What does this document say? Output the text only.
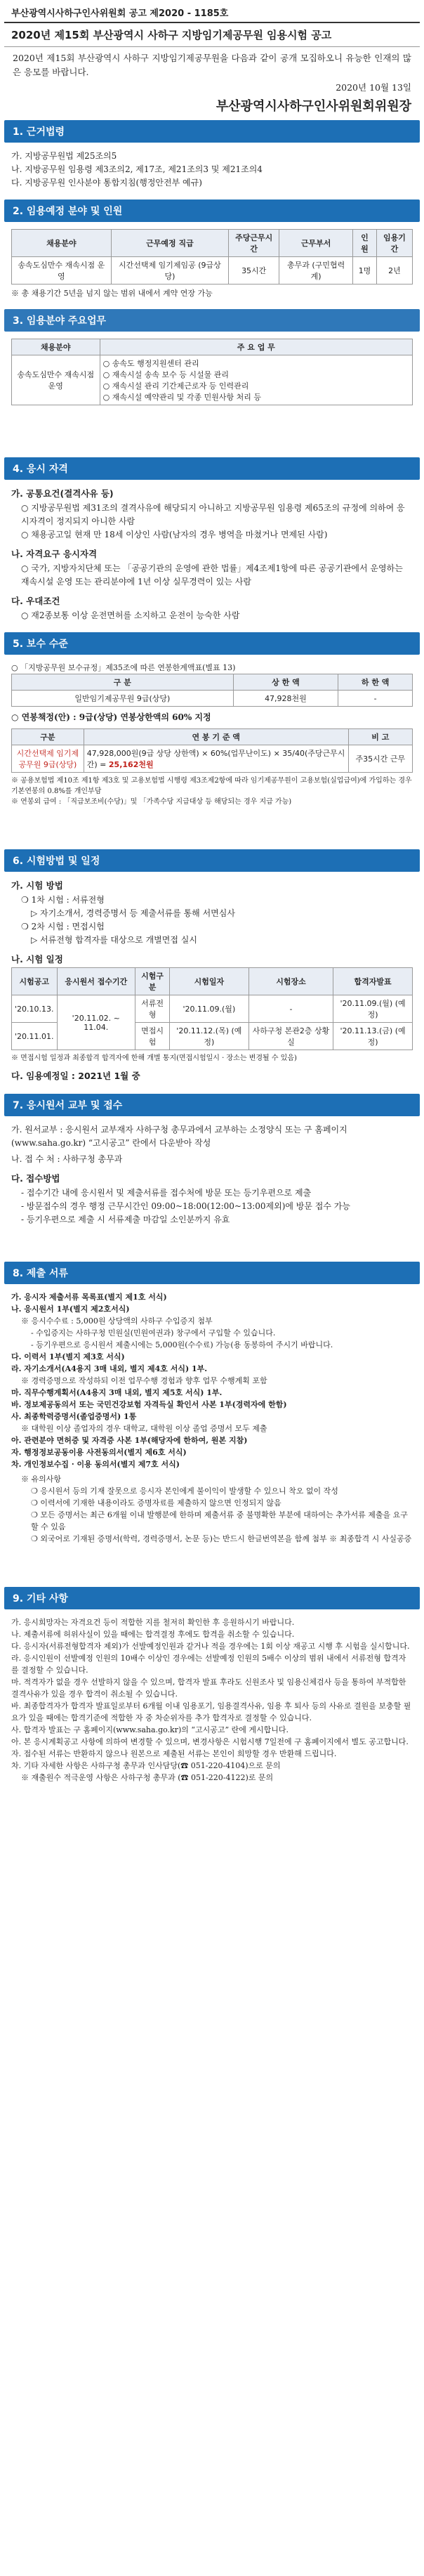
부산광역시사하구인사위원회 공고 제2020 - 1185호
2020년 제15회 부산광역시 사하구 지방임기제공무원 임용시험 공고
2020년 제15회 부산광역시 사하구 지방임기제공무원을 다음과 같이 공개 모집하오니 유능한 인재의 많은 응모를 바랍니다.
2020년 10월 13일
부산광역시사하구인사위원회위원장
1. 근거법령

가. 지방공무원법 제25조의5

나. 지방공무원 임용령 제3조의2, 제17조, 제21조의3 및 제21조의4

다. 지방공무원 인사분야 통합지침(행정안전부 예규)

2. 임용예정 분야 및 인원
채용분야	근무예정 직급	주당근무시간	근무부서	인 원	임용기간
송속도심만수 재속시점 운영	시간선택제 임기제임공 (9급상당)	35시간	총무과 (구민협력계)	1명	2년
※ 총 채용기간 5년을 넘지 않는 범위 내에서 계약 연장 가능
3. 임용분야 주요업무
채용분야	주 요 업 무
송속도심만수 재속시점 운영	○ 송속도 행정지원센터 관리
○ 재속시설 송속 보수 등 시설물 관리
○ 재속시설 관리 기간제근로자 등 인력관리
○ 재속시설 예약관리 및 각종 민원사항 처리 등
4. 응시 자격
가. 공통요건(결격사유 등)

○ 지방공무원법 제31조의 결격사유에 해당되지 아니하고 지방공무원 임용령 제65조의 규정에 의하여 응시자격이 정지되지 아니한 사람

○ 채용공고일 현재 만 18세 이상인 사람(남자의 경우 병역을 마쳤거나 면제된 사람)

나. 자격요구 응시자격

○ 국가, 지방자치단체 또는 「공공기관의 운영에 관한 법률」제4조제1항에 따른 공공기관에서 운영하는 재속시설 운영 또는 관리분야에 1년 이상 실무경력이 있는 사람

다. 우대조건

○ 재2종보통 이상 운전면허를 소지하고 운전이 능숙한 사람

5. 보수 수준
○ 「지방공무원 보수규정」제35조에 따른 연봉한계액표(별표 13)
구 분	상 한 액	하 한 액
일반임기제공무원 9급(상당)	47,928천원	-
○ 연봉책정(안) : 9급(상당) 연봉상한액의 60% 지정
구분	연 봉 기 준 액	비 고
시간선택제 임기제공무원 9급(상당)	47,928,000원(9급 상당 상한액) × 60%(업무난이도) × 35/40(주당근무시간) = 25,162천원	주35시간 근무

※ 공용보험법 제10조 제1항 제3호 및 고용보험법 시행령 제3조제2항에 따라 임기제공무원이 고용보험(실업급여)에 가입하는 경우 기본연봉의 0.8%를 개인부담

※ 연봉외 급여 : 「직급보조비(수당)」및 「가족수당 지급대상 등 해당되는 경우 지급 가능)

6. 시험방법 및 일정
가. 시험 방법

❍ 1차 시험 : 서류전형

▷ 자기소개서, 경력증명서 등 제출서류를 통해 서면심사

❍ 2차 시험 : 면접시험

▷ 서류전형 합격자를 대상으로 개별면접 실시

나. 시험 일정
시험공고	응시원서 접수기간	시험구분	시험일자	시험장소	합격자발표
'20.10.13.	'20.11.02. ~ 11.04.	서류전형	'20.11.09.(월)	-	'20.11.09.(월) (예정)
'20.11.01.		면접시험	'20.11.12.(목) (예정)	사하구청 본관2층 상황실	'20.11.13.(금) (예정)
※ 면접시험 일정과 최종합격 합격자에 한해 개별 통지(면접시험일시 · 장소는 변경될 수 있음)
다. 임용예정일 : 2021년 1월 중
7. 응시원서 교부 및 접수

가. 원서교부 : 응시원서 교부재자 사하구청 총무과에서 교부하는 소정양식 또는 구 홈페이지 (www.saha.go.kr) “고시공고” 란에서 다운받아 작성

나. 접 수 처 : 사하구청 총무과

다. 접수방법

- 접수기간 내에 응시원서 및 제출서류를 접수처에 방문 또는 등기우편으로 제출

- 방문접수의 경우 행정 근무시간인 09:00~18:00(12:00~13:00제외)에 방문 접수 가능

- 등기우편으로 제출 시 서류제출 마감일 소인분까지 유효

8. 제출 서류

가. 응시자 제출서류 목록표(별지 제1호 서식)

나. 응시원서 1부(별지 제2호서식)

※ 응시수수료 : 5,000원 상당액의 사하구 수입증지 첨부

- 수입증지는 사하구청 민원실(민원여권과) 창구에서 구입할 수 있습니다.

- 등기우편으로 응시원서 제출시에는 5,000원(수수료) 가능(용 동봉하여 주시기 바랍니다.

다. 이력서 1부(별지 제3호 서식)

라. 자기소개서(A4용지 3매 내외, 별지 제4호 서식) 1부.

※ 경력증명으로 작성하되 이전 업무수행 경험과 향후 업무 수행계획 포함

마. 직무수행계획서(A4용지 3매 내외, 별지 제5호 서식) 1부.

바. 정보제공동의서 또는 국민건강보험 자격득실 확인서 사본 1부(경력자에 한함)

사. 최종학력증명서(졸업증명서) 1통

※ 대학원 이상 졸업자의 경우 대학교, 대학원 이상 졸업 증명서 모두 제출

아. 관련분야 면허증 및 자격증 사본 1부(해당자에 한하여, 원본 지참)

자. 행정정보공동이용 사전동의서(별지 제6호 서식)

차. 개인정보수집 · 이용 동의서(별지 제7호 서식)

※ 유의사항

❍ 응시원서 등의 기재 잘못으로 응시자 본인에게 불이익이 발생할 수 있으니 착오 없이 작성

❍ 이력서에 기재한 내용이라도 증명자료를 제출하지 않으면 인정되지 않음

❍ 모든 증명서는 최근 6개월 이내 발행분에 한하며 제출서류 중 불명확한 부분에 대하여는 추가서류 제출을 요구할 수 있음

❍ 외국어로 기재된 증명서(학력, 경력증명서, 논문 등)는 반드시 한글번역본을 함께 첨부 ※ 최종합격 시 사실공증

9. 기타 사항

가. 응시희망자는 자격요건 등이 적합한 지를 철저히 확인한 후 응원하시기 바랍니다.

나. 제출서류에 허위사실이 있을 때에는 합격결정 후에도 합격을 취소할 수 있습니다.

다. 응시자(서류전형합격자 제외)가 선발예정인원과 같거나 적을 경우에는 1회 이상 재공고 시행 후 시험을 실시합니다.

라. 응시인원이 선발예정 인원의 10배수 이상인 경우에는 선발예정 인원의 5배수 이상의 범위 내에서 서류전형 합격자를 결정할 수 있습니다.

마. 적격자가 없을 경우 선발하지 않을 수 있으며, 합격자 발표 후라도 신원조사 및 임용신체검사 등을 통하여 부적합한 결격사유가 있을 경우 합격이 취소될 수 있습니다.

바. 최종합격자가 합격자 발표일로부터 6개월 이내 임용포기, 임용결격사유, 임용 후 퇴사 등의 사유로 결원을 보충할 필요가 있을 때에는 합격기준에 적합한 자 중 차순위자를 추가 합격자로 결정할 수 있습니다.

사. 합격자 발표는 구 홈페이지(www.saha.go.kr)의 “고시공고” 란에 게시합니다.

아. 본 응시계획공고 사항에 의하여 변경할 수 있으며, 변경사항은 시험시행 7일전에 구 홈페이지에서 별도 공고합니다.

자. 접수된 서류는 반환하지 않으나 원본으로 제출된 서류는 본인이 희망할 경우 반환해 드립니다.

차. 기타 자세한 사항은 사하구청 총무과 인사담당(☎ 051-220-4104)으로 문의

※ 재출원수 적극운영 사항은 사하구청 총무과 (☎ 051-220-4122)로 문의
